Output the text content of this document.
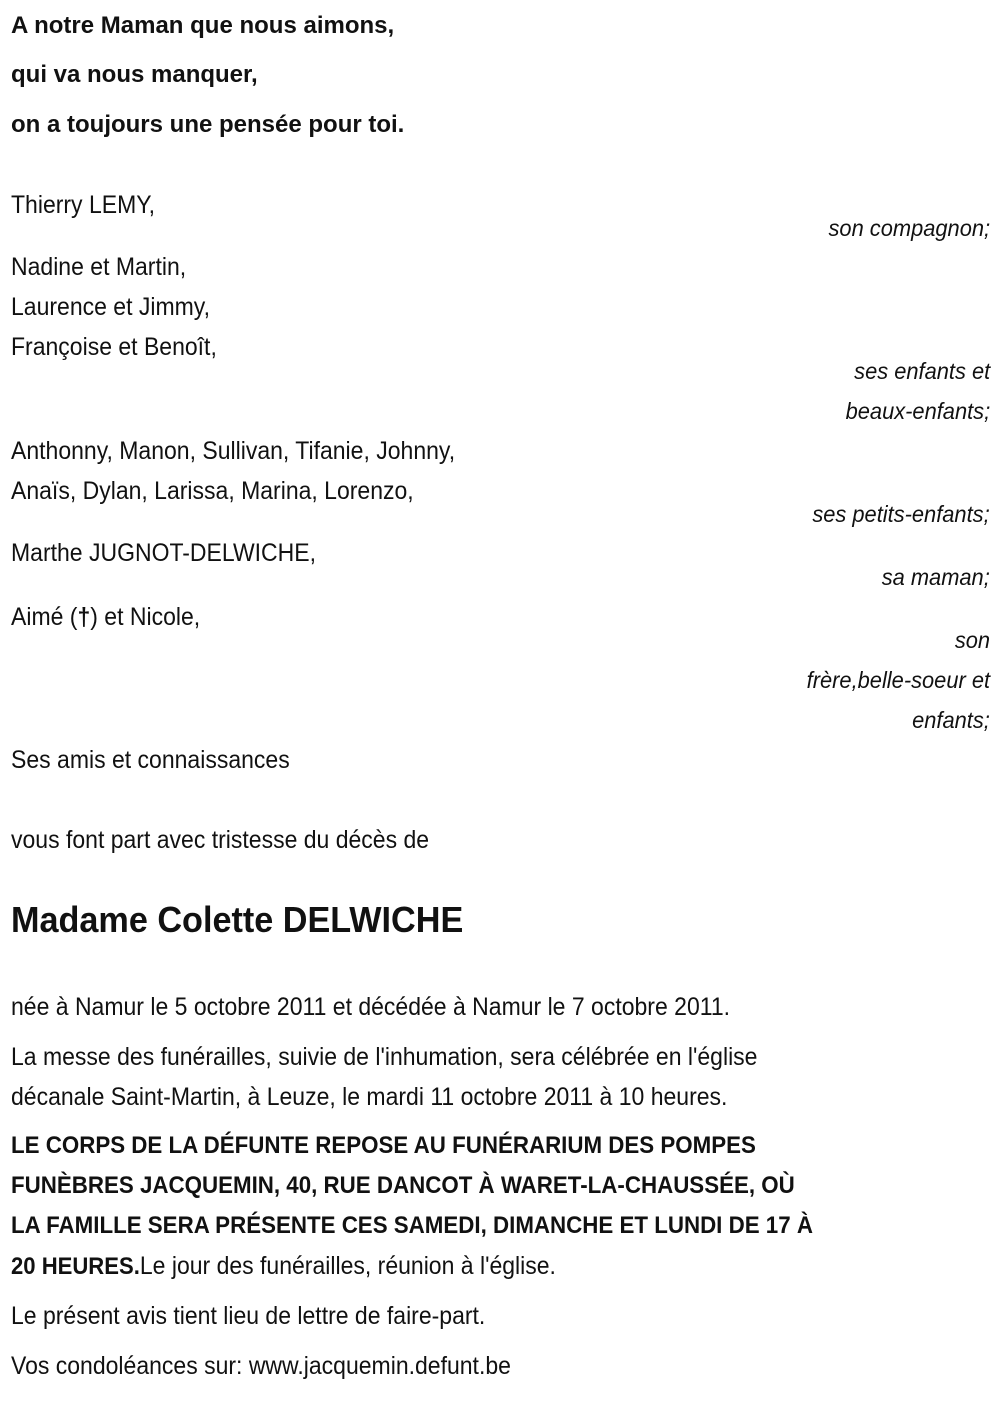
A notre Maman que nous aimons,
qui va nous manquer,
on a toujours une pensée pour toi.
Thierry LEMY,
son compagnon;
Nadine et Martin,
Laurence et Jimmy,
Françoise et Benoît,
ses enfants et
beaux-enfants;
Anthonny, Manon, Sullivan, Tifanie, Johnny,
Anaïs, Dylan, Larissa, Marina, Lorenzo,
ses petits-enfants;
Marthe JUGNOT-DELWICHE,
sa maman;
Aimé (†) et Nicole,
son
frère,belle-soeur et
enfants;
Ses amis et connaissances
vous font part avec tristesse du décès de
Madame Colette DELWICHE
née à Namur le 5 octobre 2011 et décédée à Namur le 7 octobre 2011.
La messe des funérailles, suivie de l'inhumation, sera célébrée en l'église
décanale Saint-Martin, à Leuze, le mardi 11 octobre 2011 à 10 heures.
LE CORPS DE LA DÉFUNTE REPOSE AU FUNÉRARIUM DES POMPES
FUNÈBRES JACQUEMIN, 40, RUE DANCOT À WARET-LA-CHAUSSÉE, OÙ
LA FAMILLE SERA PRÉSENTE CES SAMEDI, DIMANCHE ET LUNDI DE 17 À
20 HEURES.Le jour des funérailles, réunion à l'église.
Le présent avis tient lieu de lettre de faire-part.
Vos condoléances sur: www.jacquemin.defunt.be
